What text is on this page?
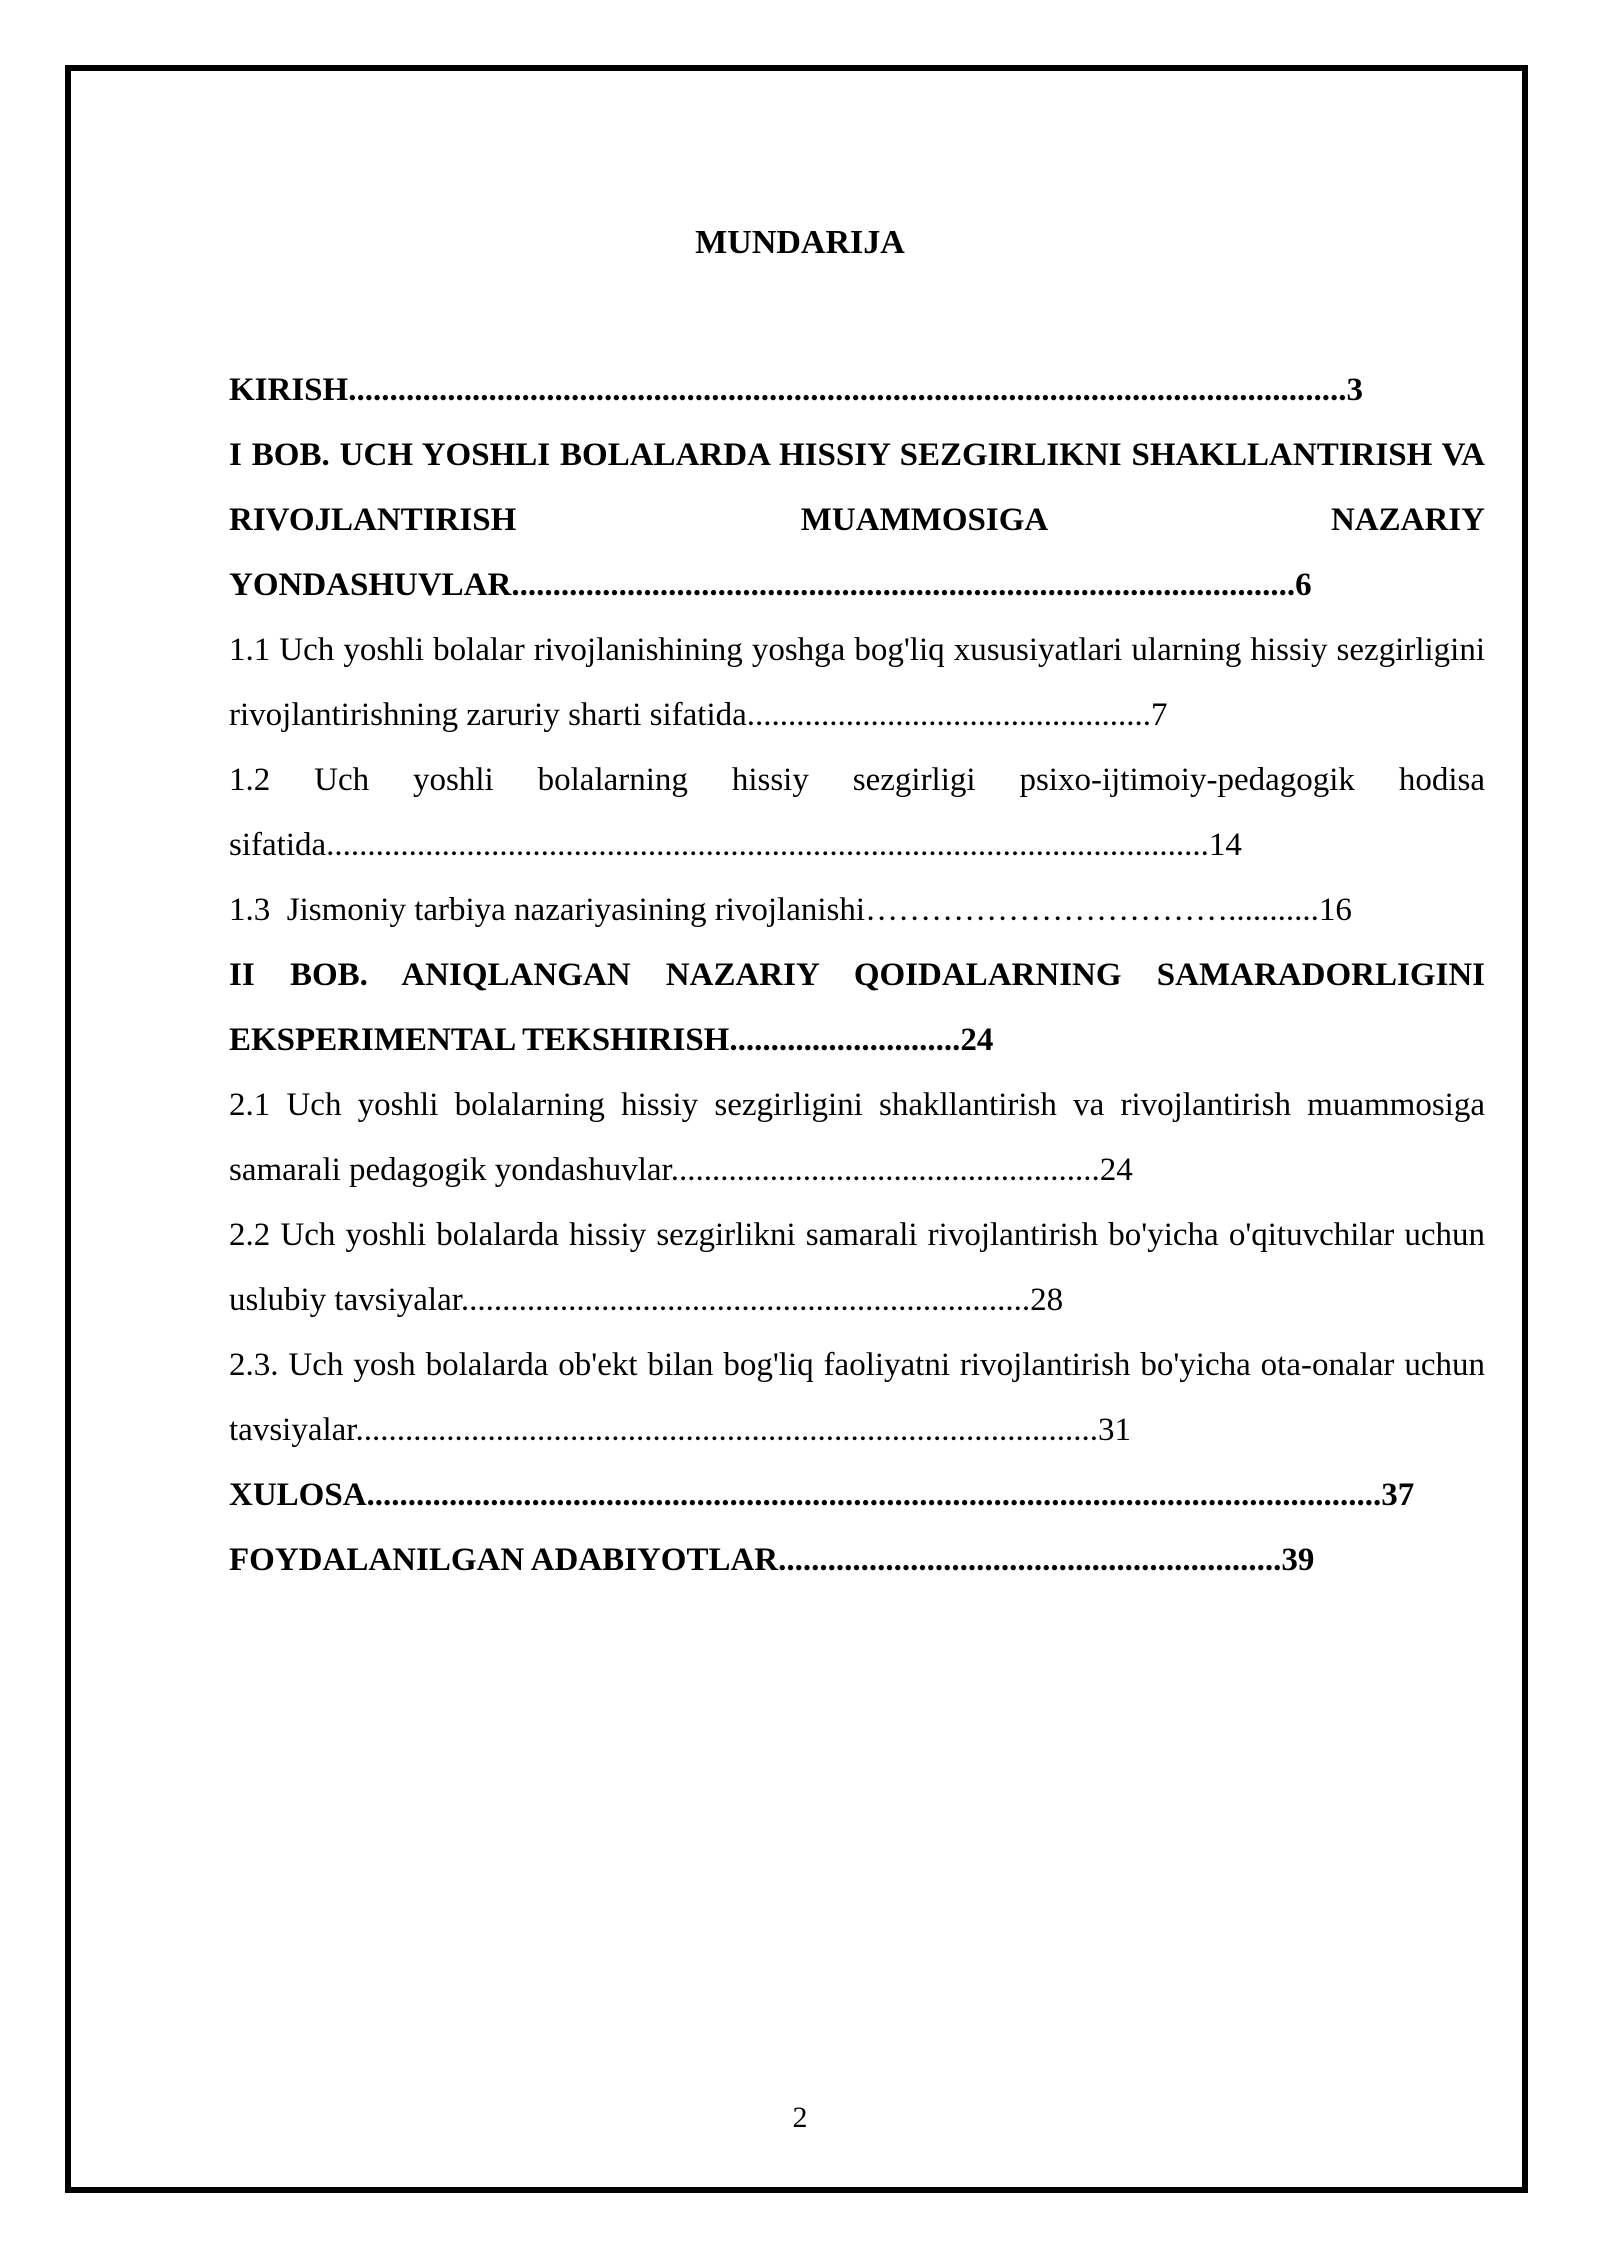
MUNDARIJA

KIRISH.........................................................................................................................3

I BOB. UCH YOSHLI BOLALARDA HISSIY SEZGIRLIKNI SHAKLLANTIRISH VA RIVOJLANTIRISH MUAMMOSIGA NAZARIY YONDASHUVLAR...............................................................................................6

1.1 Uch yoshli bolalar rivojlanishining yoshga bog'liq xususiyatlari ularning hissiy sezgirligini rivojlantirishning zaruriy sharti sifatida.................................................7

1.2 Uch yoshli bolalarning hissiy sezgirligi psixo-ijtimoiy-pedagogik hodisa sifatida...........................................................................................................14

1.3  Jismoniy tarbiya nazariyasining rivojlanishi……………………………...........16

II BOB. ANIQLANGAN NAZARIY QOIDALARNING SAMARADORLIGINI EKSPERIMENTAL TEKSHIRISH............................24

2.1 Uch yoshli bolalarning hissiy sezgirligini shakllantirish va rivojlantirish muammosiga samarali pedagogik yondashuvlar....................................................24

2.2 Uch yoshli bolalarda hissiy sezgirlikni samarali rivojlantirish bo'yicha o'qituvchilar uchun uslubiy tavsiyalar.....................................................................28

2.3. Uch yosh bolalarda ob'ekt bilan bog'liq faoliyatni rivojlantirish bo'yicha ota-onalar uchun tavsiyalar..........................................................................................31

XULOSA...........................................................................................................................37

FOYDALANILGAN ADABIYOTLAR.............................................................39

2
